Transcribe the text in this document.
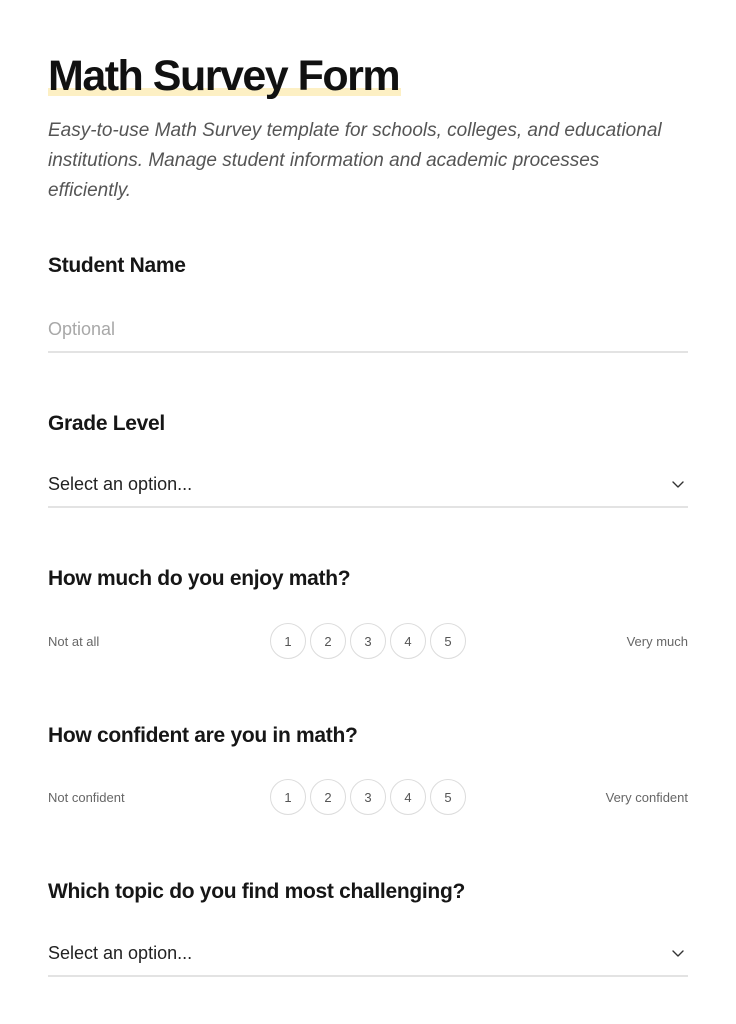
Math Survey Form

Easy-to-use Math Survey template for schools, colleges, and educational institutions. Manage student information and academic processes efficiently.

Student Name
Optional
Grade Level
Select an option...
How much do you enjoy math?
Not at all	1	2	3	4	5	Very much
How confident are you in math?
Not confident	1	2	3	4	5	Very confident
Which topic do you find most challenging?
Select an option...
